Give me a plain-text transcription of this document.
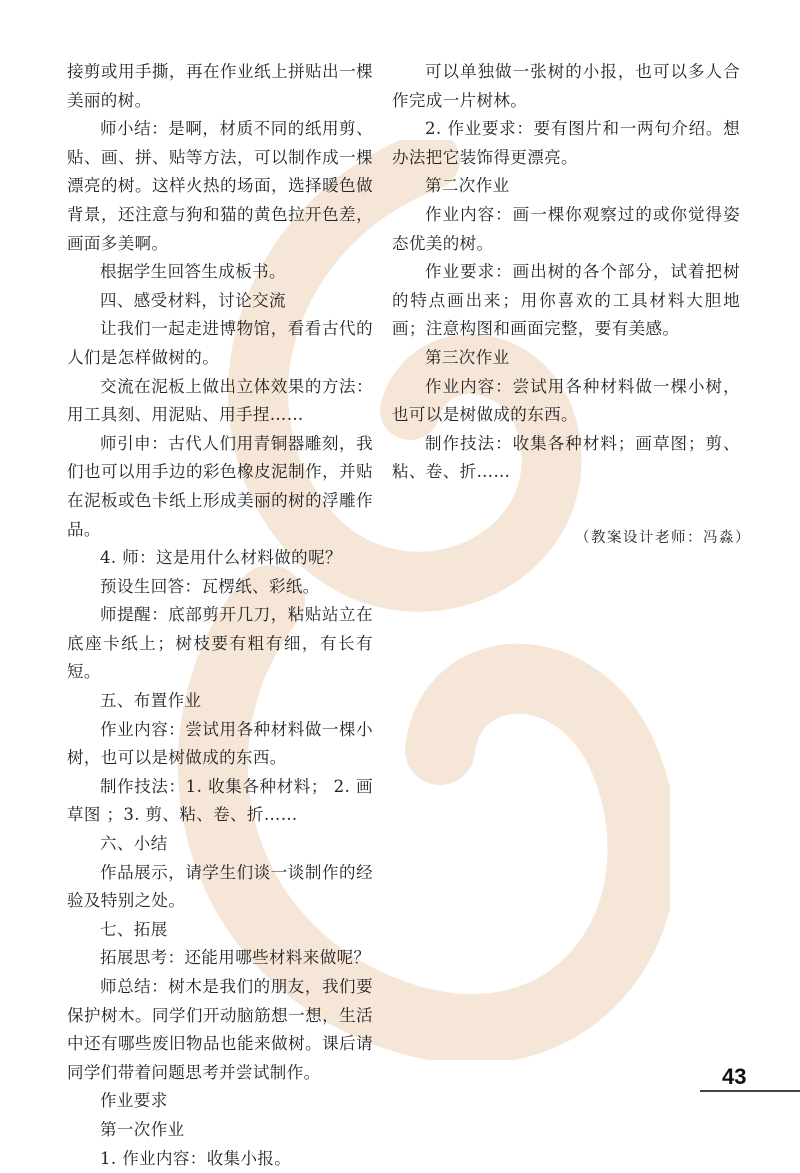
接剪或用手撕，再在作业纸上拼贴出一棵美丽的树。

师小结：是啊，材质不同的纸用剪、贴、画、拼、贴等方法，可以制作成一棵漂亮的树。这样火热的场面，选择暖色做背景，还注意与狗和猫的黄色拉开色差，画面多美啊。

根据学生回答生成板书。

四、感受材料，讨论交流

让我们一起走进博物馆，看看古代的人们是怎样做树的。

交流在泥板上做出立体效果的方法：用工具刻、用泥贴、用手捏……

师引申：古代人们用青铜器雕刻，我们也可以用手边的彩色橡皮泥制作，并贴在泥板或色卡纸上形成美丽的树的浮雕作品。

4. 师：这是用什么材料做的呢？

预设生回答：瓦楞纸、彩纸。

师提醒：底部剪开几刀，粘贴站立在底座卡纸上；树枝要有粗有细，有长有短。

五、布置作业

作业内容：尝试用各种材料做一棵小树，也可以是树做成的东西。

制作技法：1. 收集各种材料； 2. 画草图 ；3. 剪、粘、卷、折……

六、小结

作品展示，请学生们谈一谈制作的经验及特别之处。

七、拓展

拓展思考：还能用哪些材料来做呢？

师总结：树木是我们的朋友，我们要保护树木。同学们开动脑筋想一想，生活中还有哪些废旧物品也能来做树。课后请同学们带着问题思考并尝试制作。

作业要求

第一次作业

1. 作业内容：收集小报。

可以单独做一张树的小报，也可以多人合作完成一片树林。

2. 作业要求：要有图片和一两句介绍。想办法把它装饰得更漂亮。

第二次作业

作业内容：画一棵你观察过的或你觉得姿态优美的树。

作业要求：画出树的各个部分，试着把树的特点画出来；用你喜欢的工具材料大胆地画；注意构图和画面完整，要有美感。

第三次作业

作业内容：尝试用各种材料做一棵小树，也可以是树做成的东西。

制作技法：收集各种材料；画草图；剪、粘、卷、折……

（教案设计老师：冯淼）
43
